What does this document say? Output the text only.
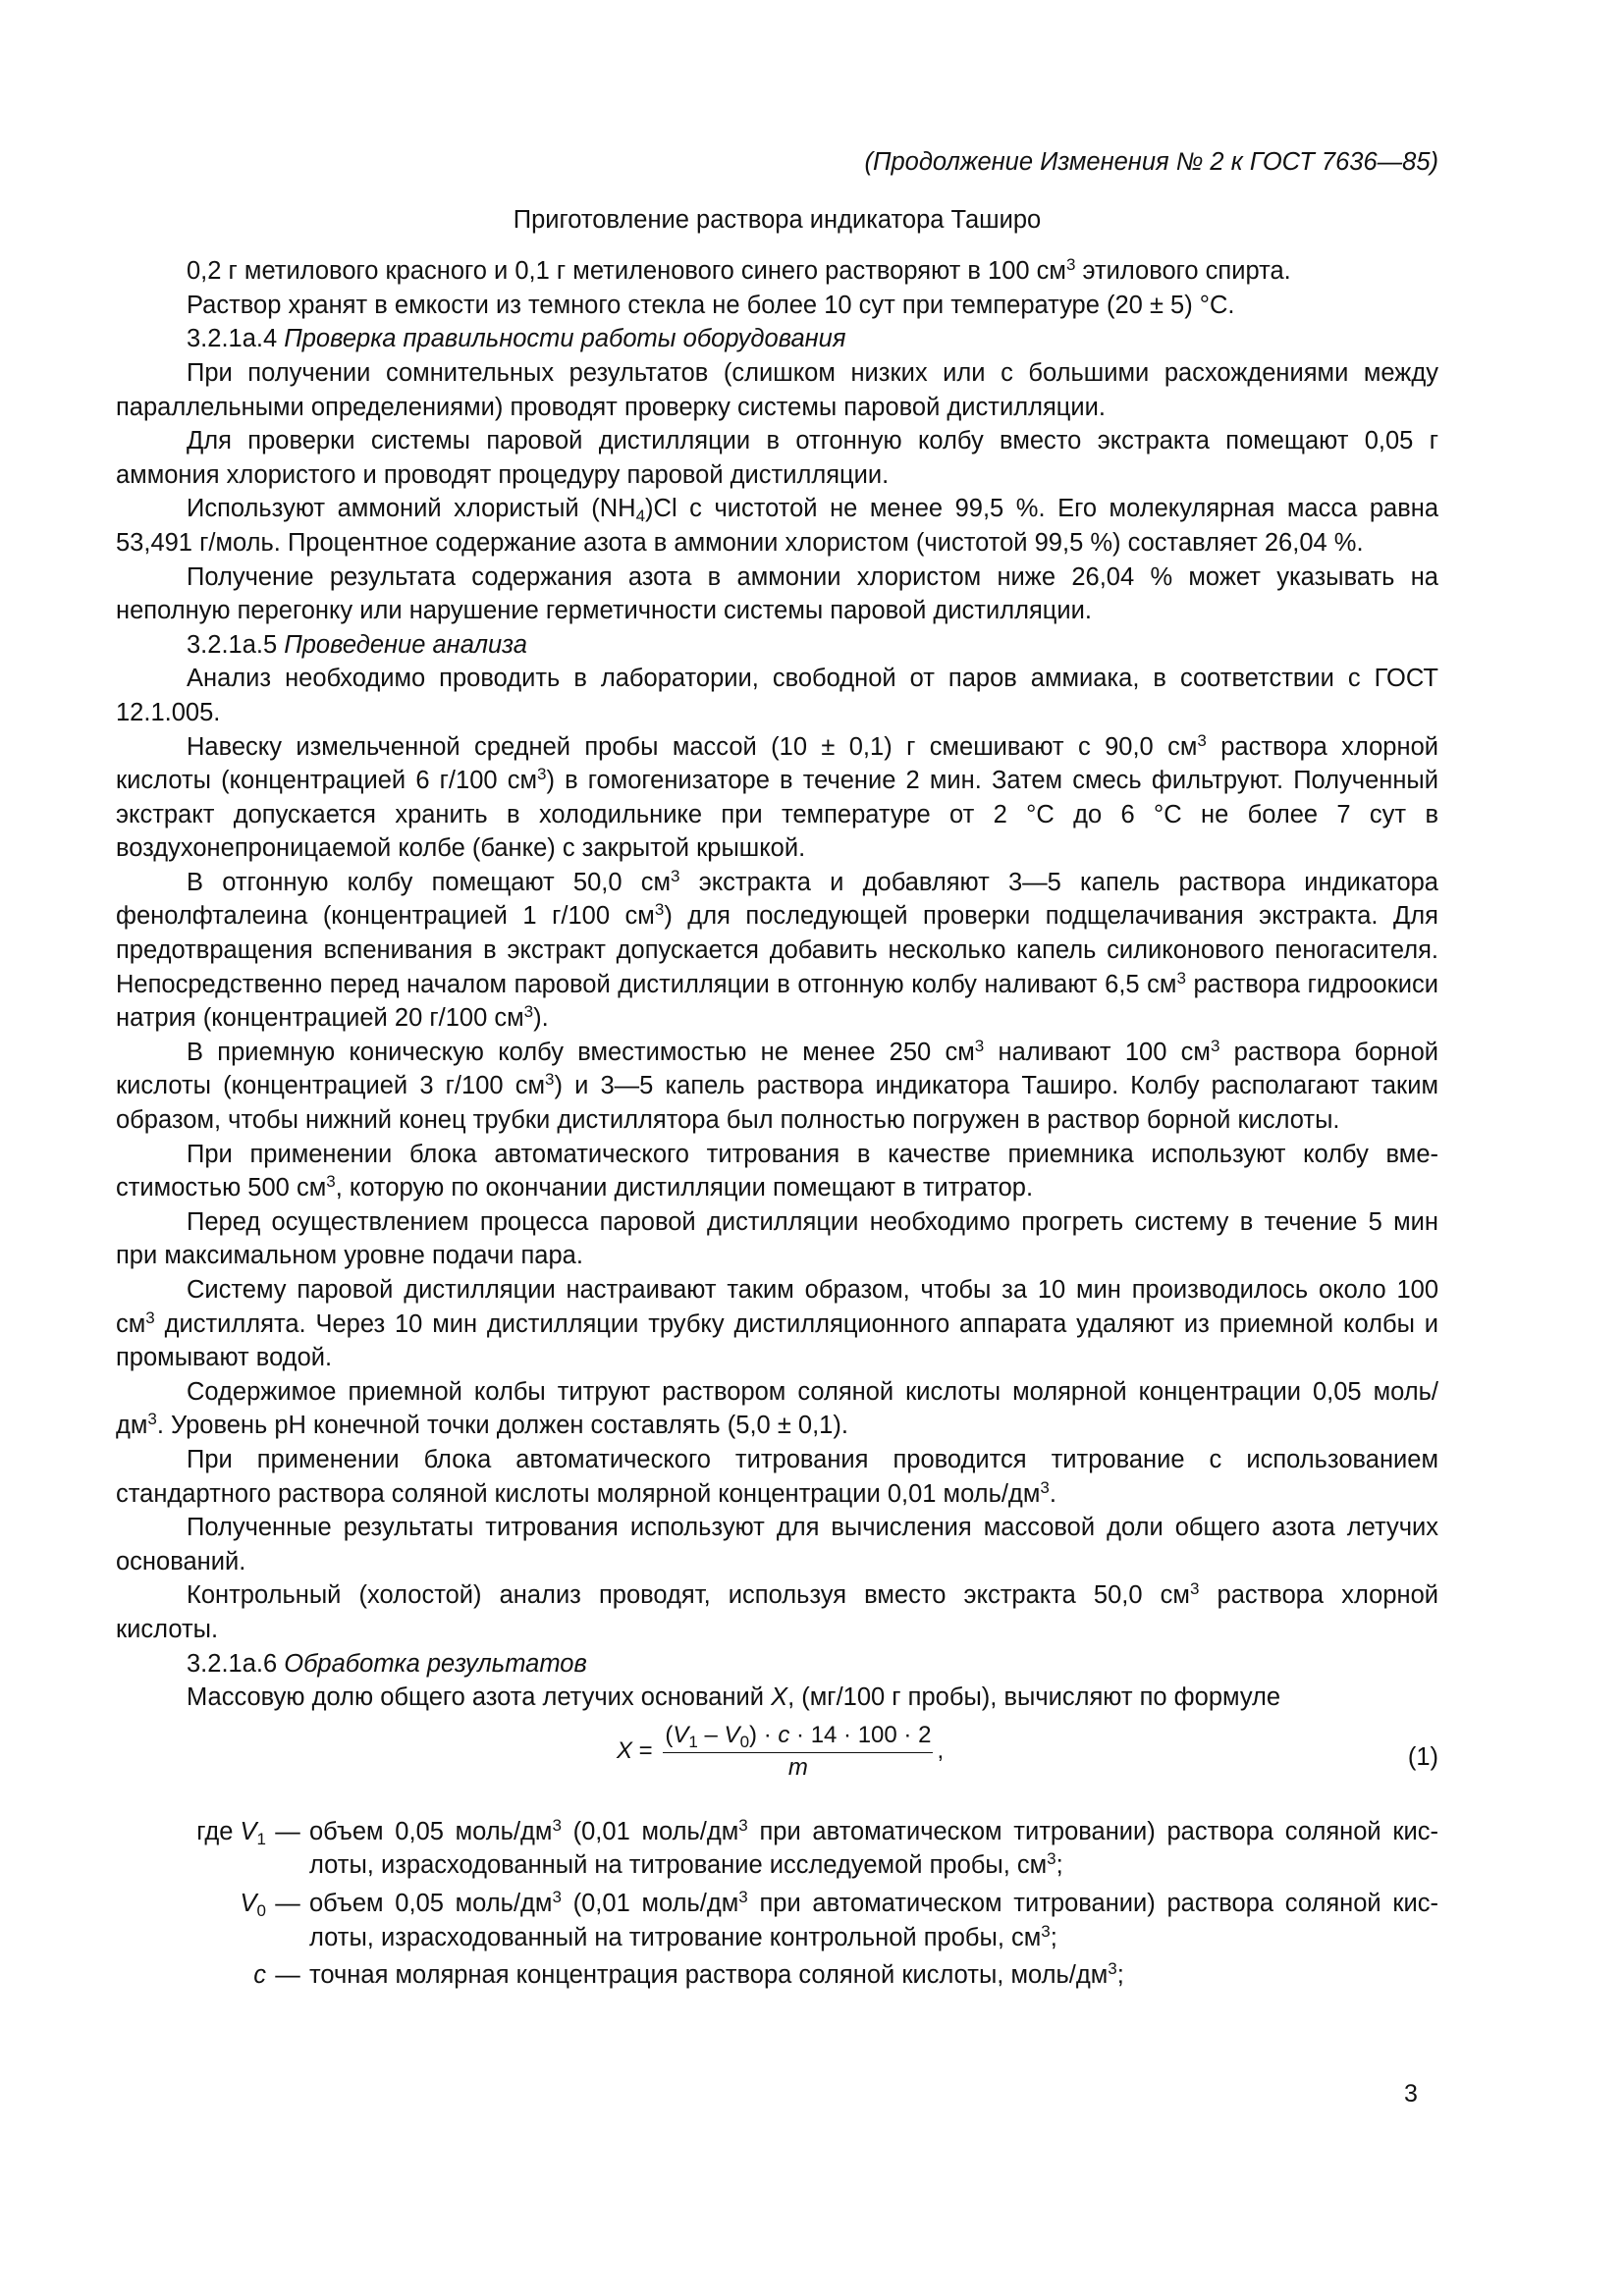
(Продолжение Изменения № 2 к ГОСТ 7636—85)
Приготовление раствора индикатора Таширо

0,2 г метилового красного и 0,1 г метиленового синего растворяют в 100 $см^3$ этилового спирта.

Раствор хранят в емкости из темного стекла не более 10 сут при температуре (20 ± 5) °С.

3.2.1а.4 Проверка правильности работы оборудования

При получении сомнительных результатов (слишком низких или с большими расхождениями между параллельными определениями) проводят проверку системы паровой дистилляции.

Для проверки системы паровой дистилляции в отгонную колбу вместо экстракта помещают 0,05 г аммония хлористого и проводят процедуру паровой дистилляции.

Используют аммоний хлористый $(NH_4)Cl$ с чистотой не менее 99,5 %. Его молекулярная масса равна 53,491 г/моль. Процентное содержание азота в аммонии хлористом (чистотой 99,5 %) составляет 26,04 %.

Получение результата содержания азота в аммонии хлористом ниже 26,04 % может указывать на неполную перегонку или нарушение герметичности системы паровой дистилляции.

3.2.1а.5 Проведение анализа

Анализ необходимо проводить в лаборатории, свободной от паров аммиака, в соответствии с ГОСТ 12.1.005.

Навеску измельченной средней пробы массой (10 ± 0,1) г смешивают с 90,0 $см^3$ раствора хлорной кислоты (концентрацией 6 г/100 $см^3$) в гомогенизаторе в течение 2 мин. Затем смесь фильтруют. Полученный экстракт допускается хранить в холодильнике при температуре от 2 °С до 6 °С не более 7 сут в воздухонепроницаемой колбе (банке) с закрытой крышкой.

В отгонную колбу помещают 50,0 $см^3$ экстракта и добавляют 3—5 капель раствора индикатора фенолфталеина (концентрацией 1 г/100 $см^3$) для последующей проверки подщелачивания экстракта. Для предотвращения вспенивания в экстракт допускается добавить несколько капель силиконового пеногасителя. Непосредственно перед началом паровой дистилляции в отгонную колбу наливают 6,5 $см^3$ раствора гидроокиси натрия (концентрацией 20 г/100 $см^3$).

В приемную коническую колбу вместимостью не менее 250 $см^3$ наливают 100 $см^3$ раствора борной кислоты (концентрацией 3 г/100 $см^3$) и 3—5 капель раствора индикатора Таширо. Колбу располагают таким образом, чтобы нижний конец трубки дистиллятора был полностью погружен в раствор борной кислоты.

При применении блока автоматического титрования в качестве приемника используют колбу вместимостью 500 $см^3$, которую по окончании дистилляции помещают в титратор.

Перед осуществлением процесса паровой дистилляции необходимо прогреть систему в течение 5 мин при максимальном уровне подачи пара.

Систему паровой дистилляции настраивают таким образом, чтобы за 10 мин производилось около 100 $см^3$ дистиллята. Через 10 мин дистилляции трубку дистилляционного аппарата удаляют из приемной колбы и промывают водой.

Содержимое приемной колбы титруют раствором соляной кислоты молярной концентрации 0,05 моль/$дм^3$. Уровень pH конечной точки должен составлять (5,0 ± 0,1).

При применении блока автоматического титрования проводится титрование с использованием стандартного раствора соляной кислоты молярной концентрации 0,01 моль/$дм^3$.

Полученные результаты титрования используют для вычисления массовой доли общего азота летучих оснований.

Контрольный (холостой) анализ проводят, используя вместо экстракта 50,0 $см^3$ раствора хлорной кислоты.

3.2.1а.6 Обработка результатов

Массовую долю общего азота летучих оснований X, (мг/100 г пробы), вычисляют по формуле

$X = \frac{(V_1 - V_0) \cdot c \cdot 14 \cdot 100 \cdot 2}{m}$ ,	(1)
где $V_1$ — объем 0,05 моль/$дм^3$ (0,01 моль/$дм^3$ при автоматическом титровании) раствора соляной кислоты, израсходованный на титрование исследуемой пробы, $см^3$;
$V_0$ — объем 0,05 моль/$дм^3$ (0,01 моль/$дм^3$ при автоматическом титровании) раствора соляной кислоты, израсходованный на титрование контрольной пробы, $см^3$;
c — точная молярная концентрация раствора соляной кислоты, моль/$дм^3$;
3
